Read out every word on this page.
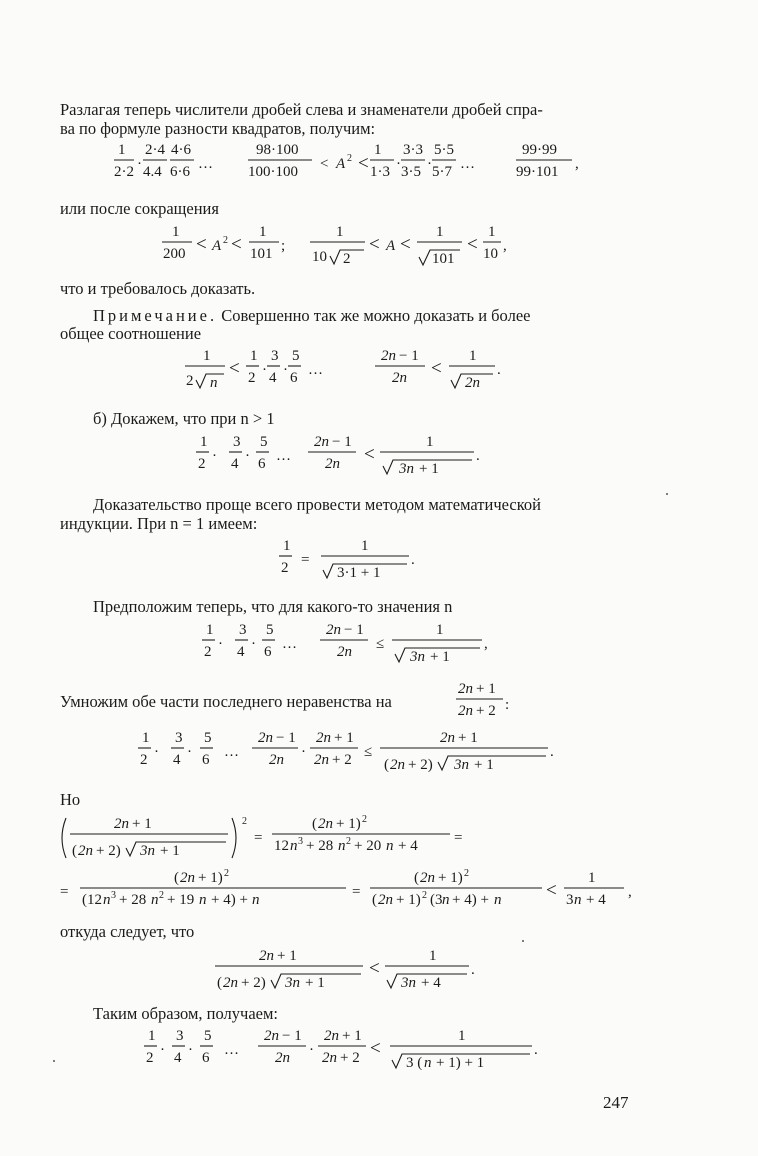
Разлагая теперь числители дробей слева и знаменатели дробей спра-
ва по формуле разности квадратов, получим:
1
2·2 ·
2·4
4.4
4·6
6·6 …
98·100
100·100 < A 2 <
1
1·3 ·
3·3
3·5 ·
5·5
5·7 …
99·99
99·101 ,
или после сокращения
1
200 < A 2 <
1
101 ;
1
10 2
< A <
1
101
<
1
10 ,
что и требовалось доказать.
Примечание. Совершенно так же можно доказать и более
общее соотношение
1
2 n
<
1
2 ·
3
4 ·
5
6 …
2n − 1
2n <
1
2n
.
б) Докажем, что при n > 1
1
2 ·
3
4 ·
5
6 …
2n − 1
2n <
1
3n + 1
.
Доказательство проще всего провести методом математической
индукции. При n = 1 имеем:
1
2 =
1
3·1 + 1
.
Предположим теперь, что для какого-то значения n
1
2 ·
3
4 ·
5
6 …
2n − 1
2n ≤
1
3n + 1
,
Умножим обе части последнего неравенства на
2n + 1
2n + 2 :
1
2 ·
3
4 ·
5
6 …
2n − 1
2n ·
2n + 1
2n + 2 ≤
2n + 1
( 2n + 2) 3n + 1
.
Но
2n + 1
( 2n + 2) 3n + 1
2
=
( 2n + 1) 2
12 n 3 + 28 n 2 + 20 n + 4 =
=
( 2n + 1) 2
(12 n 3 + 28 n 2 + 19 n + 4) + n	=
( 2n + 1) 2
( 2n + 1) 2 (3 n + 4) + n <
1
3 n + 4 ,
откуда следует, что
2n + 1
( 2n + 2) 3n + 1
<
1
3n + 4
.
Таким образом, получаем:
1
2 ·
3
4 ·
5
6 …
2n − 1
2n ·
2n + 1
2n + 2 <
1
3 ( n + 1) + 1
.
247
